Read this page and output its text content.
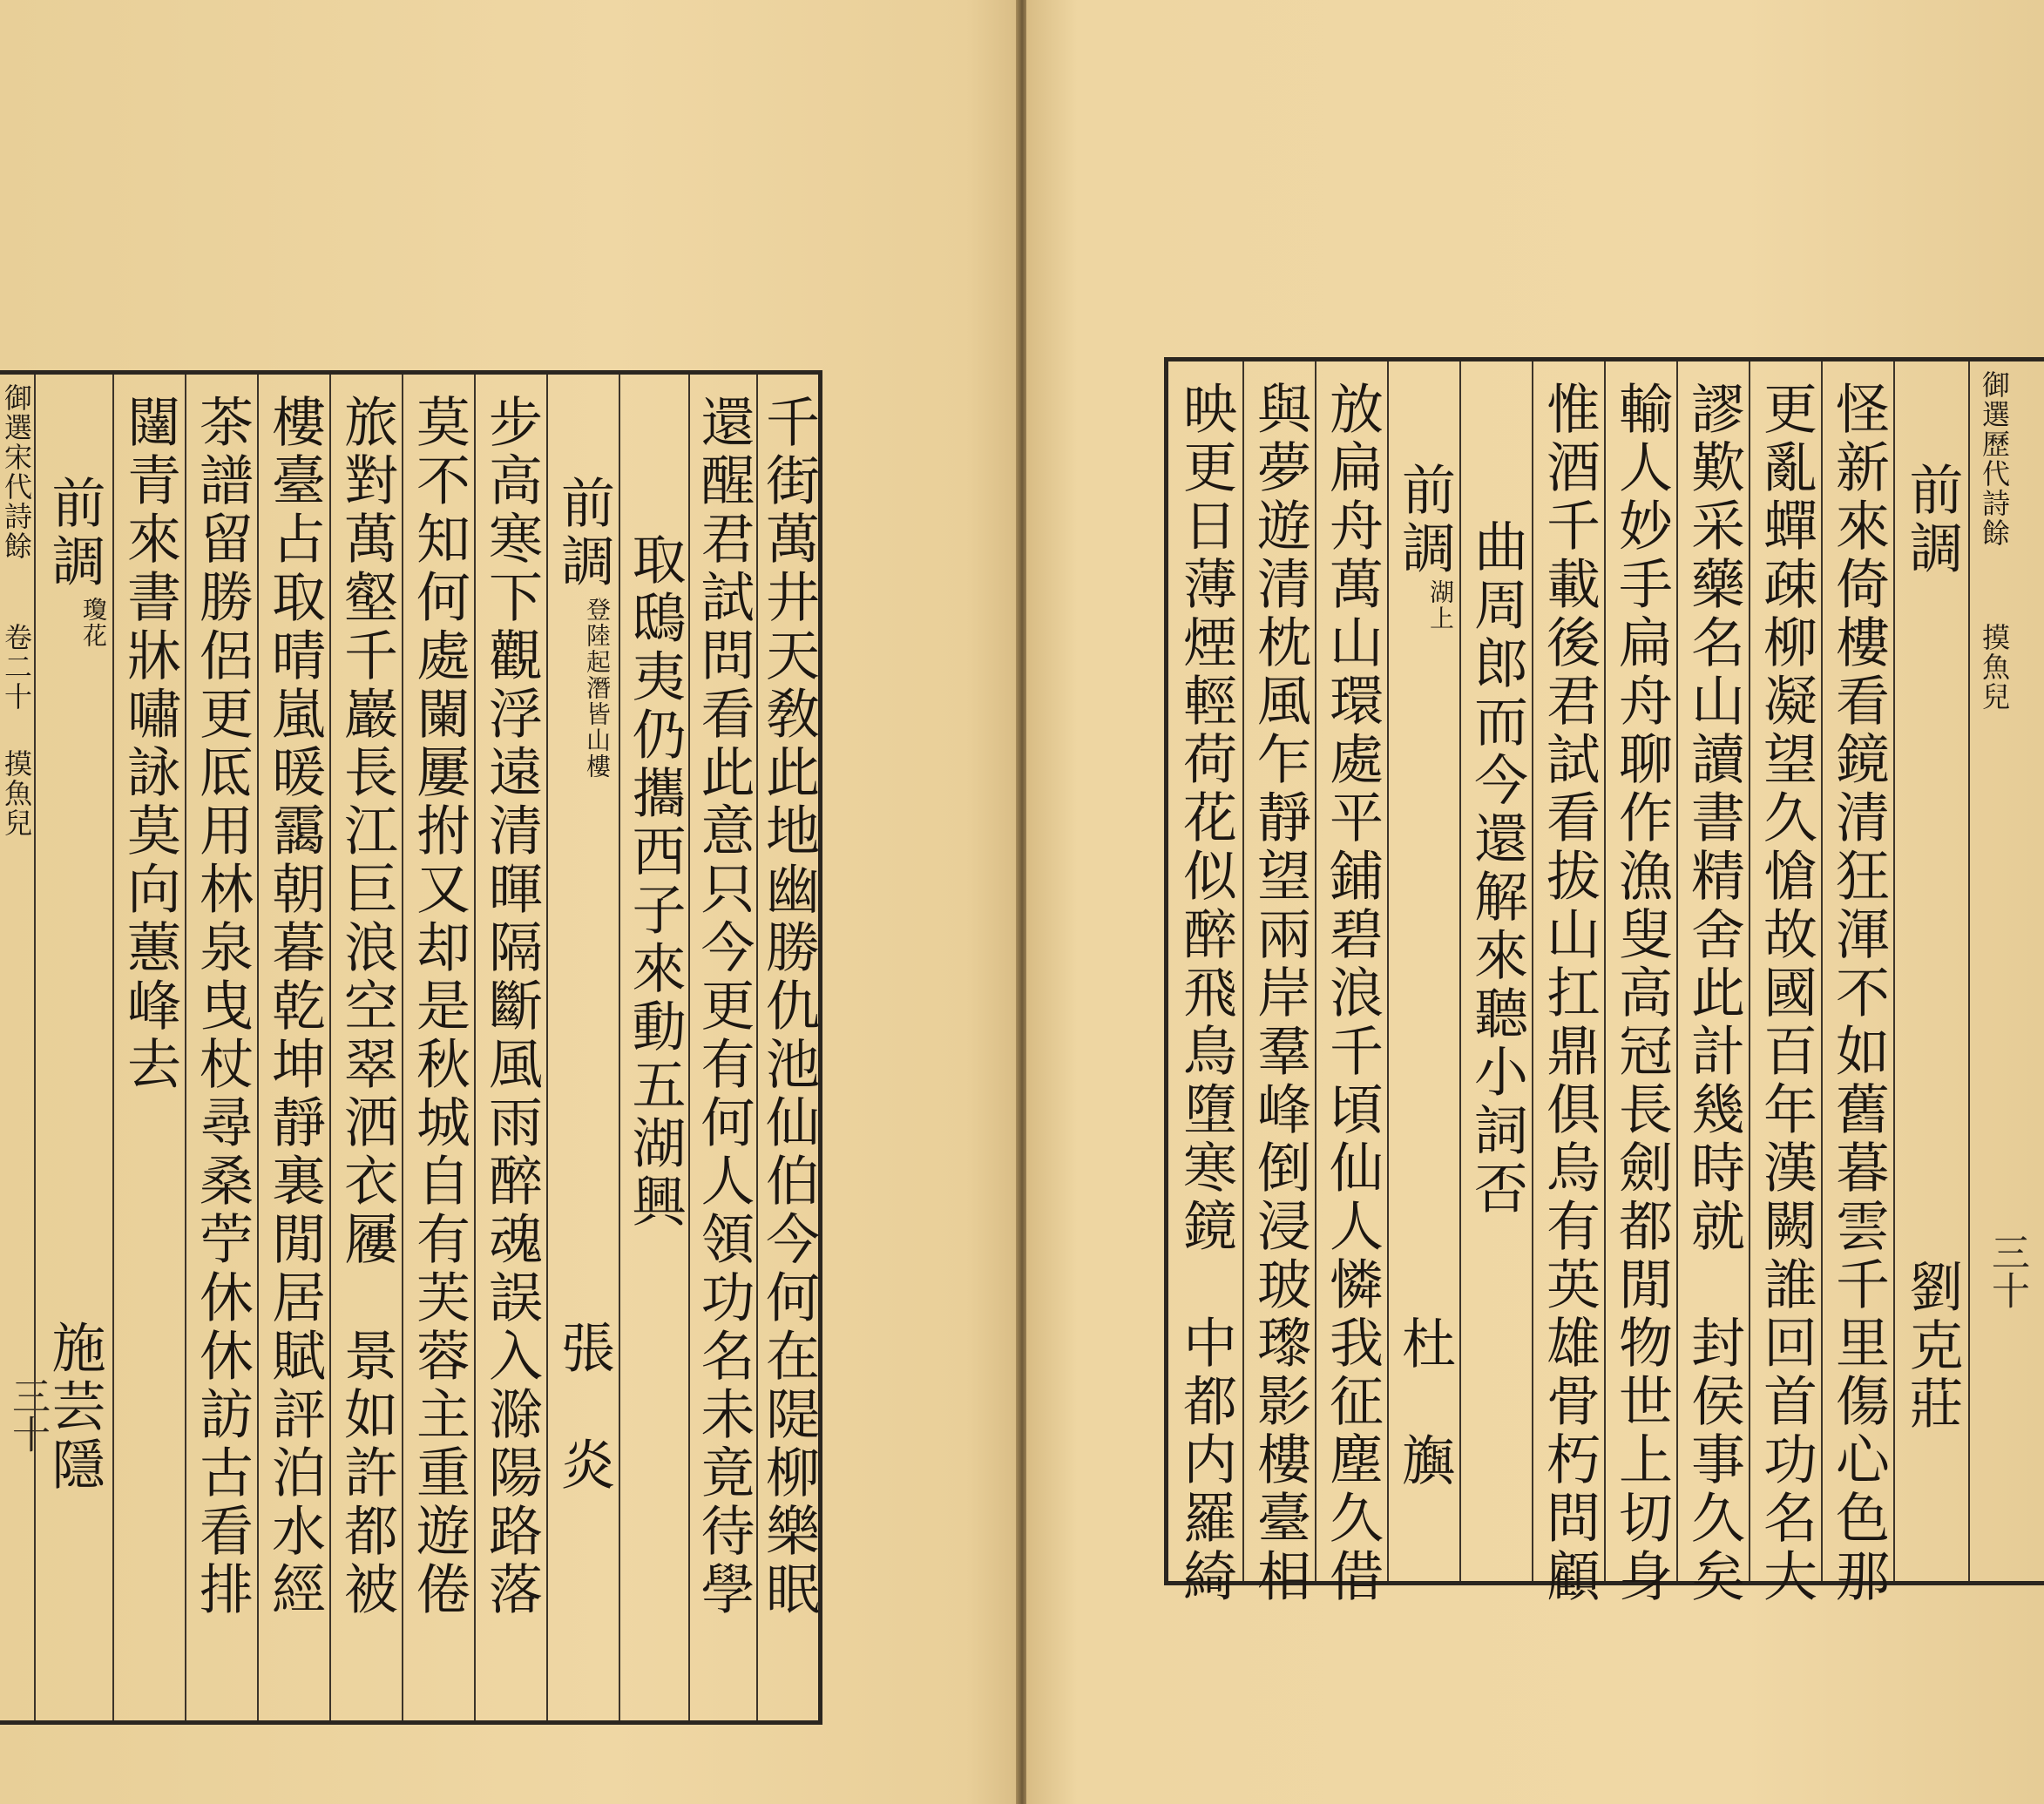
御選宋代詩餘
卷二十
摸魚兒
三十
前調
瓊花
施芸隱
闥青來書牀嘯詠莫向蕙峰去 茶譜留勝侶更厎用林泉曳杖尋桑苧休休訪古看排 樓臺占取晴嵐暖靄朝暮乾坤靜裏閒居賦評泊水經 旅對萬壑千巖長江巨浪空翠洒衣屨　景如許都被 莫不知何處闌屢拊又却是秋城自有芙蓉主重遊倦 步高寒下觀浮遠清暉隔斷風雨醉魂誤入滁陽路落 前調
登陸起潛皆山樓
張　炎
取鴟夷仍攜西子來動五湖興 還醒君試問看此意只今更有何人領功名未竟待學 千街萬井天敎此地幽勝仇池仙伯今何在隄柳樂眠	映更日薄煙輕荷花似醉飛鳥墮寒鏡　中都内羅綺 與夢遊清枕風乍靜望兩岸羣峰倒浸玻瓈影樓臺相 放扁舟萬山環處平鋪碧浪千頃仙人憐我征塵久借 前調
湖上
杜　旟
曲周郎而今還解來聽小詞否 惟酒千載後君試看拔山扛鼎俱烏有英雄骨朽問顧 輸人妙手扁舟聊作漁叟高冠長劍都閒物世上切身 謬歎采藥名山讀書精舍此計幾時就　封侯事久矣 更亂蟬疎柳凝望久愴故國百年漢闕誰回首功名大 怪新來倚樓看鏡清狂渾不如舊暮雲千里傷心色那 前調
劉克莊
御選歷代詩餘
摸魚兒
三十
